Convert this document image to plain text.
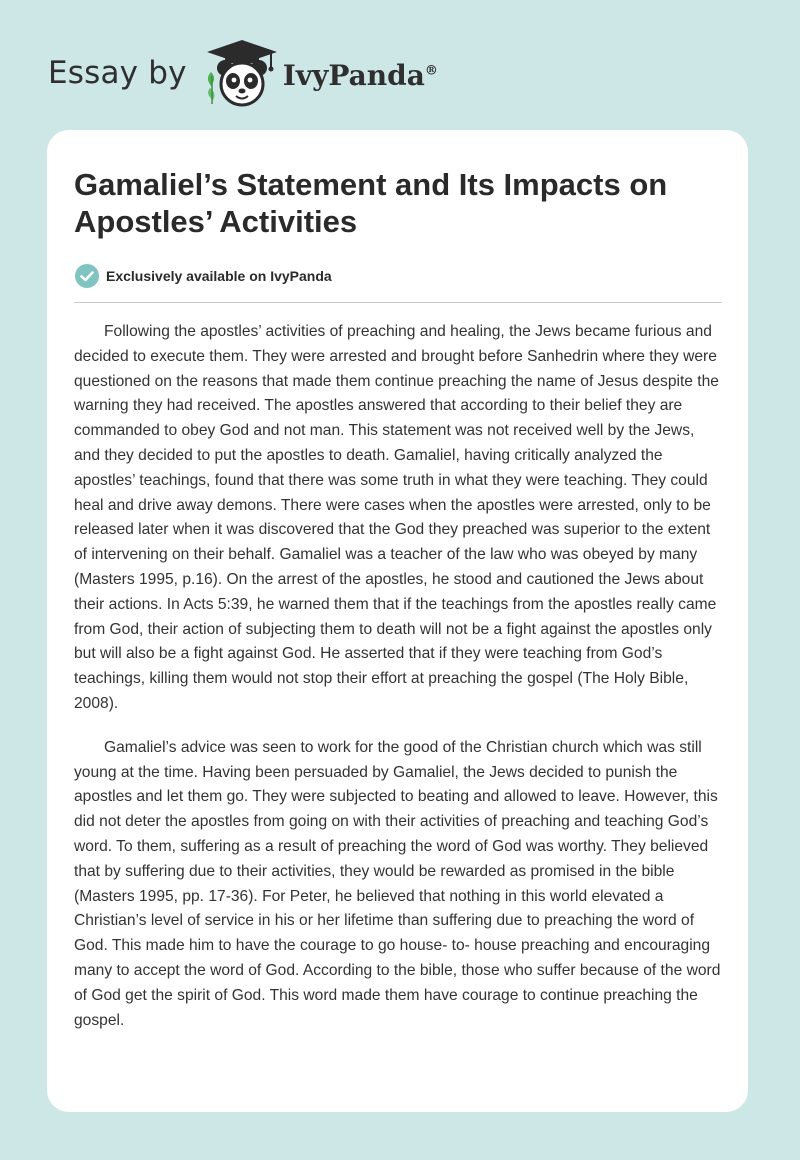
Essay by	IvyPanda®
Gamaliel’s Statement and Its Impacts on Apostles’ Activities
Exclusively available on IvyPanda

Following the apostles’ activities of preaching and healing, the Jews became furious and decided to execute them. They were arrested and brought before Sanhedrin where they were questioned on the reasons that made them continue preaching the name of Jesus despite the warning they had received. The apostles answered that according to their belief they are commanded to obey God and not man. This statement was not received well by the Jews, and they decided to put the apostles to death. Gamaliel, having critically analyzed the apostles’ teachings, found that there was some truth in what they were teaching. They could heal and drive away demons. There were cases when the apostles were arrested, only to be released later when it was discovered that the God they preached was superior to the extent of intervening on their behalf. Gamaliel was a teacher of the law who was obeyed by many (Masters 1995, p.16). On the arrest of the apostles, he stood and cautioned the Jews about their actions. In Acts 5:39, he warned them that if the teachings from the apostles really came from God, their action of subjecting them to death will not be a fight against the apostles only but will also be a fight against God. He asserted that if they were teaching from God’s teachings, killing them would not stop their effort at preaching the gospel (The Holy Bible, 2008).

Gamaliel’s advice was seen to work for the good of the Christian church which was still young at the time. Having been persuaded by Gamaliel, the Jews decided to punish the apostles and let them go. They were subjected to beating and allowed to leave. However, this did not deter the apostles from going on with their activities of preaching and teaching God’s word. To them, suffering as a result of preaching the word of God was worthy. They believed that by suffering due to their activities, they would be rewarded as promised in the bible (Masters 1995, pp. 17-36). For Peter, he believed that nothing in this world elevated a Christian’s level of service in his or her lifetime than suffering due to preaching the word of God. This made him to have the courage to go house- to- house preaching and encouraging many to accept the word of God. According to the bible, those who suffer because of the word of God get the spirit of God. This word made them have courage to continue preaching the gospel.
